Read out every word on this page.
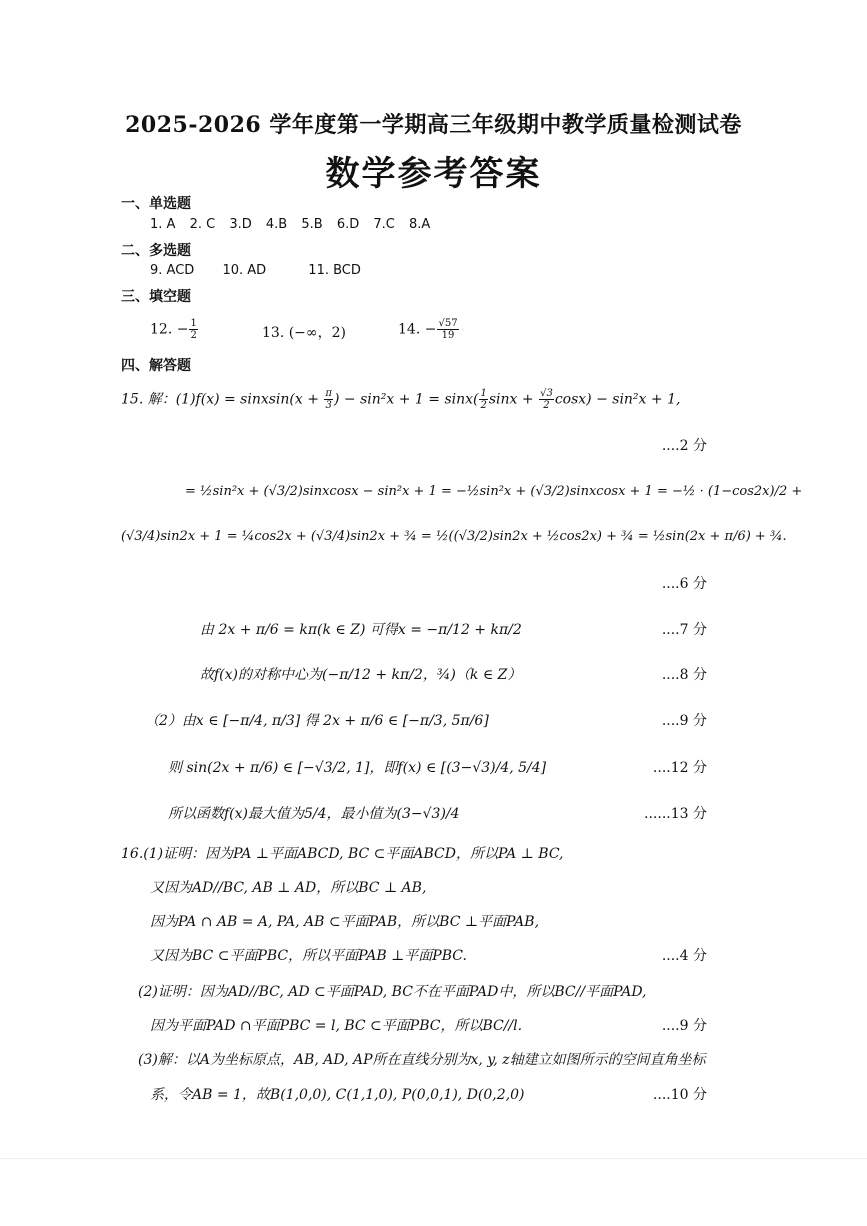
2025-2026 学年度第一学期高三年级期中教学质量检测试卷
数学参考答案
一、单选题
1. A 2. C 3.D 4.B 5.B 6.D 7.C 8.A
二、多选题
9. ACD 10. AD	11. BCD
三、填空题
12. − $\frac{1}{2}$	13. (−∞，2)	14. − $\frac{√57}{19}$
四、解答题
15. 解：(1)f(x) = sinxsin(x + $\frac{\pi}{3}$ ) − $\sin^2x + 1 = \sin x( \frac{1}{2}$ $\sin x + \frac{√3}{2} \cos x) - \sin^2x + 1$,
....2 分
= ½sin²x + (√3/2)sinxcosx − sin²x + 1 = −½sin²x + (√3/2)sinxcosx + 1 = −½ · (1−cos2x)/2 +
(√3/4)sin2x + 1 = ¼cos2x + (√3/4)sin2x + ¾ = ½((√3/2)sin2x + ½cos2x) + ¾ = ½sin(2x + π/6) + ¾.
....6 分
由 2x + π/6 = kπ(k ∈ Z) 可得x = −π/12 + kπ/2	....7 分
故f(x)的对称中心为(−π/12 + kπ/2，¾)（k ∈ Z）	....8 分
（2）由x ∈ [−π/4, π/3] 得 2x + π/6 ∈ [−π/3, 5π/6]	....9 分
则 sin(2x + π/6) ∈ [−√3/2, 1]，即f(x) ∈ [(3−√3)/4, 5/4]	....12 分
所以函数f(x)最大值为5/4，最小值为(3−√3)/4	......13 分
16.(1)证明：因为PA ⊥平面ABCD, BC ⊂平面ABCD，所以PA ⊥ BC,
又因为AD//BC, AB ⊥ AD，所以BC ⊥ AB,
因为PA ∩ AB = A, PA, AB ⊂平面PAB，所以BC ⊥平面PAB,
又因为BC ⊂平面PBC，所以平面PAB ⊥平面PBC.	....4 分
(2)证明：因为AD//BC, AD ⊂平面PAD, BC不在平面PAD中，所以BC//平面PAD,
因为平面PAD ∩平面PBC = l, BC ⊂平面PBC，所以BC//l.	....9 分
(3)解：以A为坐标原点，AB, AD, AP所在直线分别为x, y, z轴建立如图所示的空间直角坐标
系，令AB = 1，故B(1,0,0), C(1,1,0), P(0,0,1), D(0,2,0)	....10 分
